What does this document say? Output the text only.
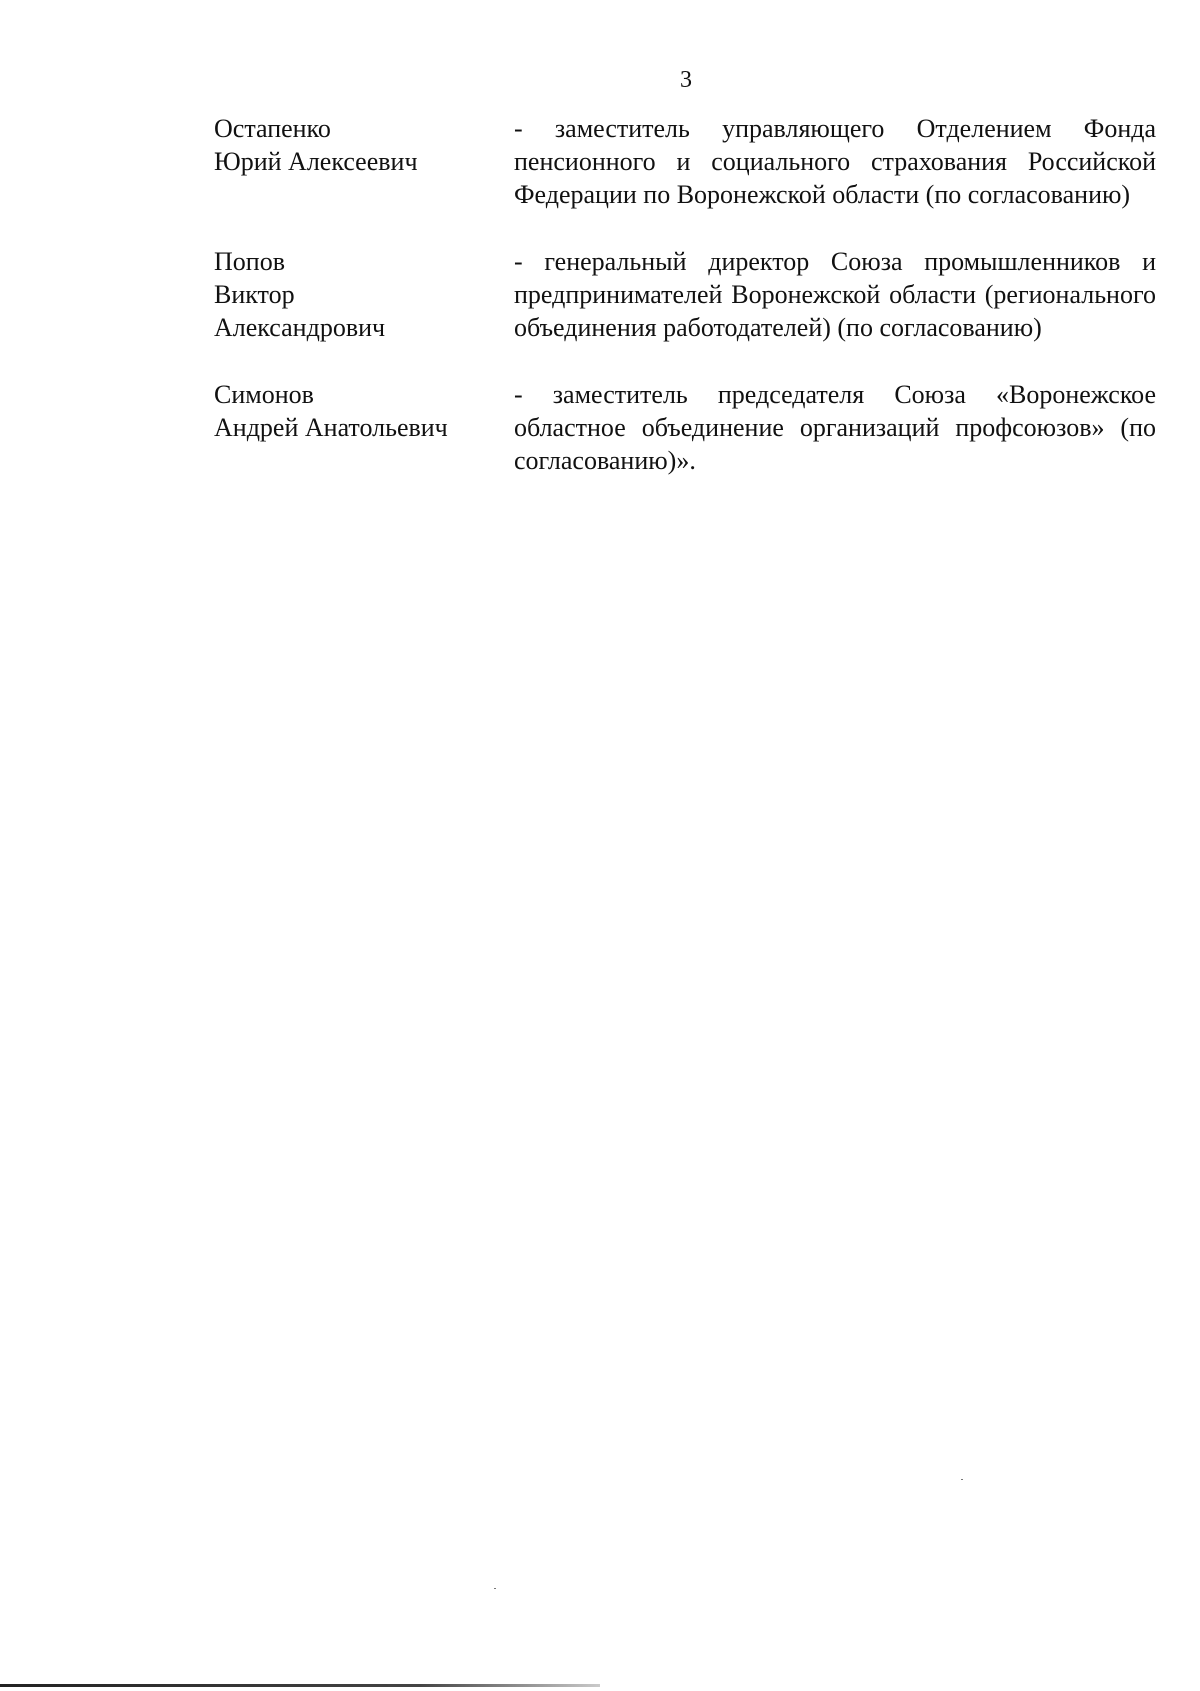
3
Остапенко
Юрий Алексеевич
- заместитель управляющего Отделением Фонда пенсионного и социального страхования Российской Федерации по Воронежской области (по согласованию)
Попов
Виктор
Александрович
- генеральный директор Союза промышленников и предпринимателей Воронежской области (регионального объединения работодателей) (по согласованию)
Симонов
Андрей Анатольевич
- заместитель председателя Союза «Воронежское областное объединение организаций профсоюзов» (по согласованию)».
